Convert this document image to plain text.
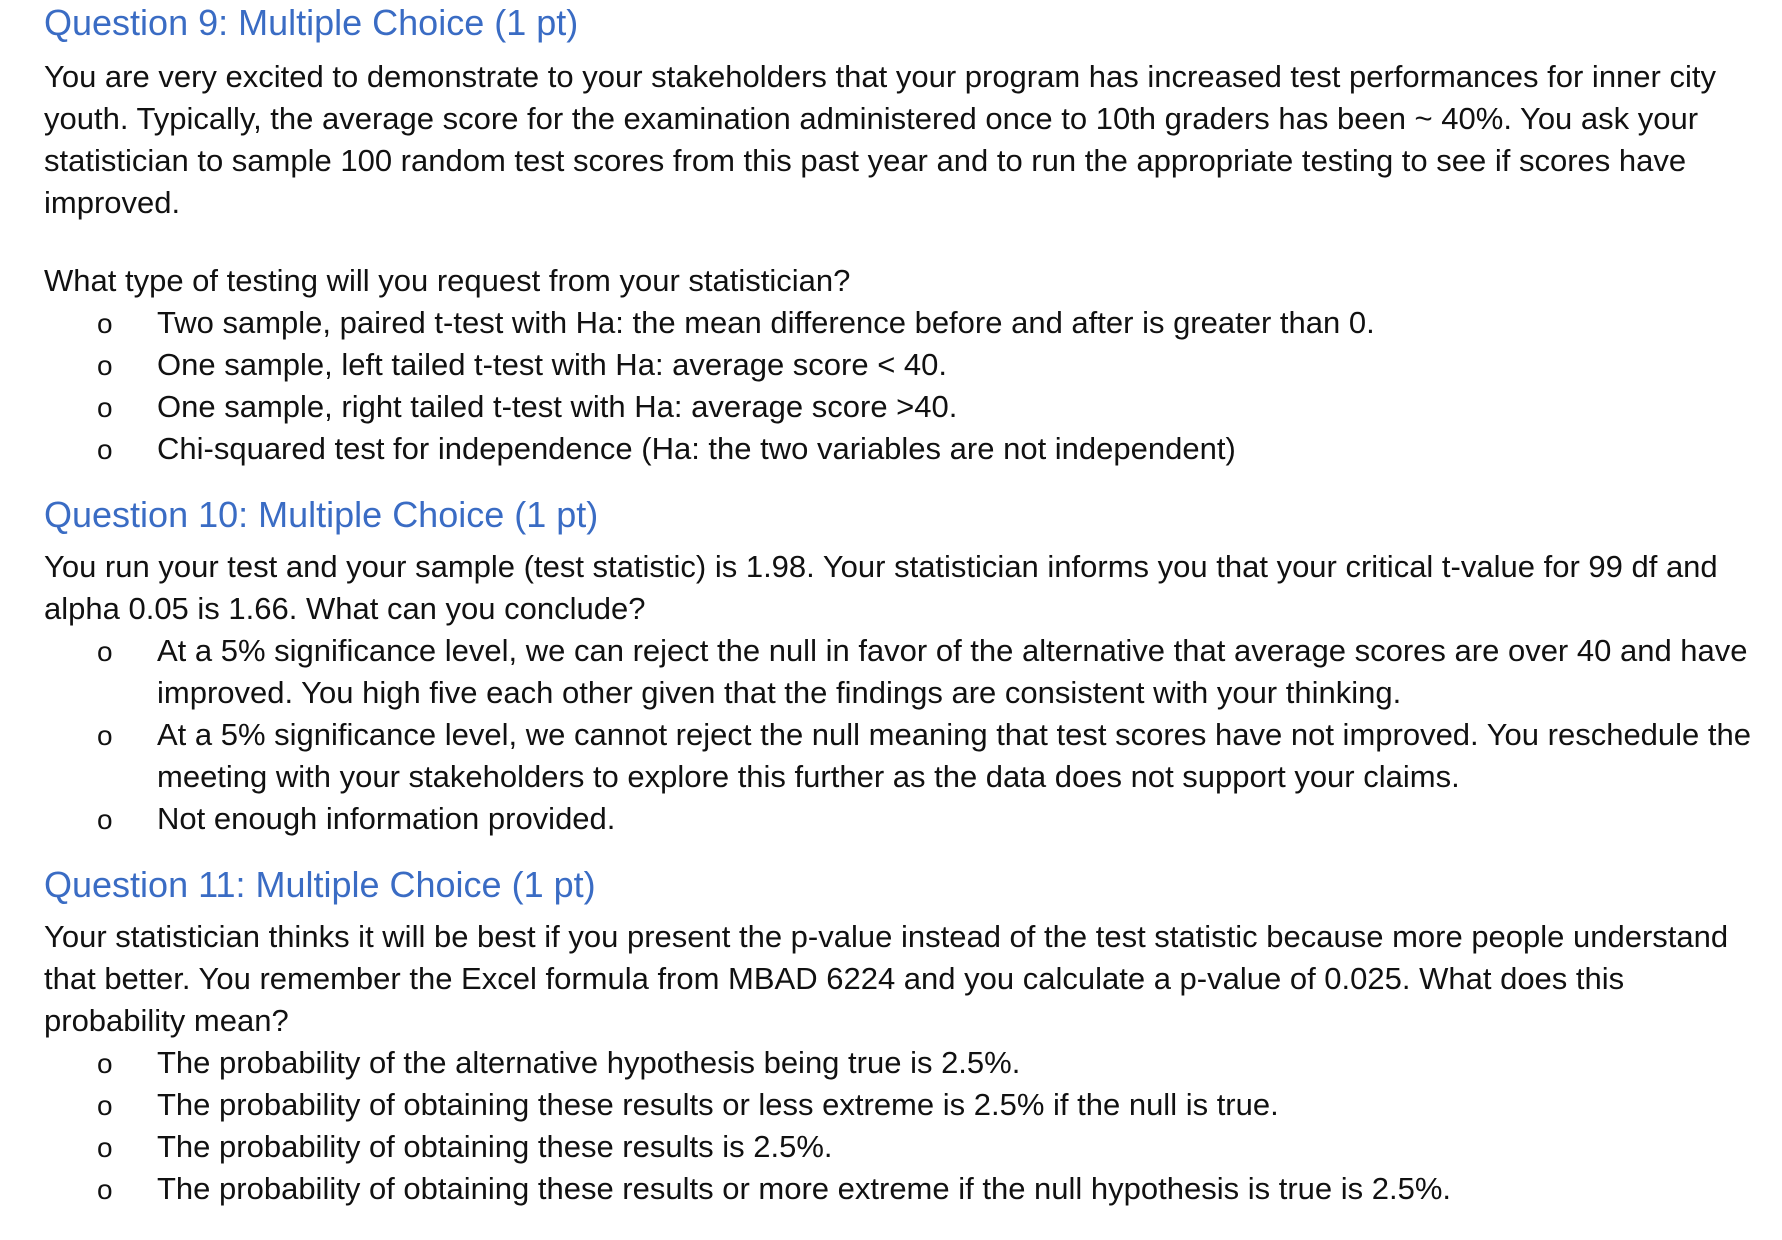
Question 9: Multiple Choice (1 pt)

You are very excited to demonstrate to your stakeholders that your program has increased test performances for inner city youth. Typically, the average score for the examination administered once to 10th graders has been ~ 40%. You ask your statistician to sample 100 random test scores from this past year and to run the appropriate testing to see if scores have improved.

What type of testing will you request from your statistician?

o Two sample, paired t-test with Ha: the mean difference before and after is greater than 0.
o One sample, left tailed t-test with Ha: average score < 40.
o One sample, right tailed t-test with Ha: average score >40.
o Chi-squared test for independence (Ha: the two variables are not independent)
Question 10: Multiple Choice (1 pt)

You run your test and your sample (test statistic) is 1.98. Your statistician informs you that your critical t-value for 99 df and alpha 0.05 is 1.66. What can you conclude?

o At a 5% significance level, we can reject the null in favor of the alternative that average scores are over 40 and have improved. You high five each other given that the findings are consistent with your thinking.
o At a 5% significance level, we cannot reject the null meaning that test scores have not improved. You reschedule the meeting with your stakeholders to explore this further as the data does not support your claims.
o Not enough information provided.
Question 11: Multiple Choice (1 pt)

Your statistician thinks it will be best if you present the p-value instead of the test statistic because more people understand that better. You remember the Excel formula from MBAD 6224 and you calculate a p-value of 0.025. What does this probability mean?

o The probability of the alternative hypothesis being true is 2.5%.
o The probability of obtaining these results or less extreme is 2.5% if the null is true.
o The probability of obtaining these results is 2.5%.
o The probability of obtaining these results or more extreme if the null hypothesis is true is 2.5%.
